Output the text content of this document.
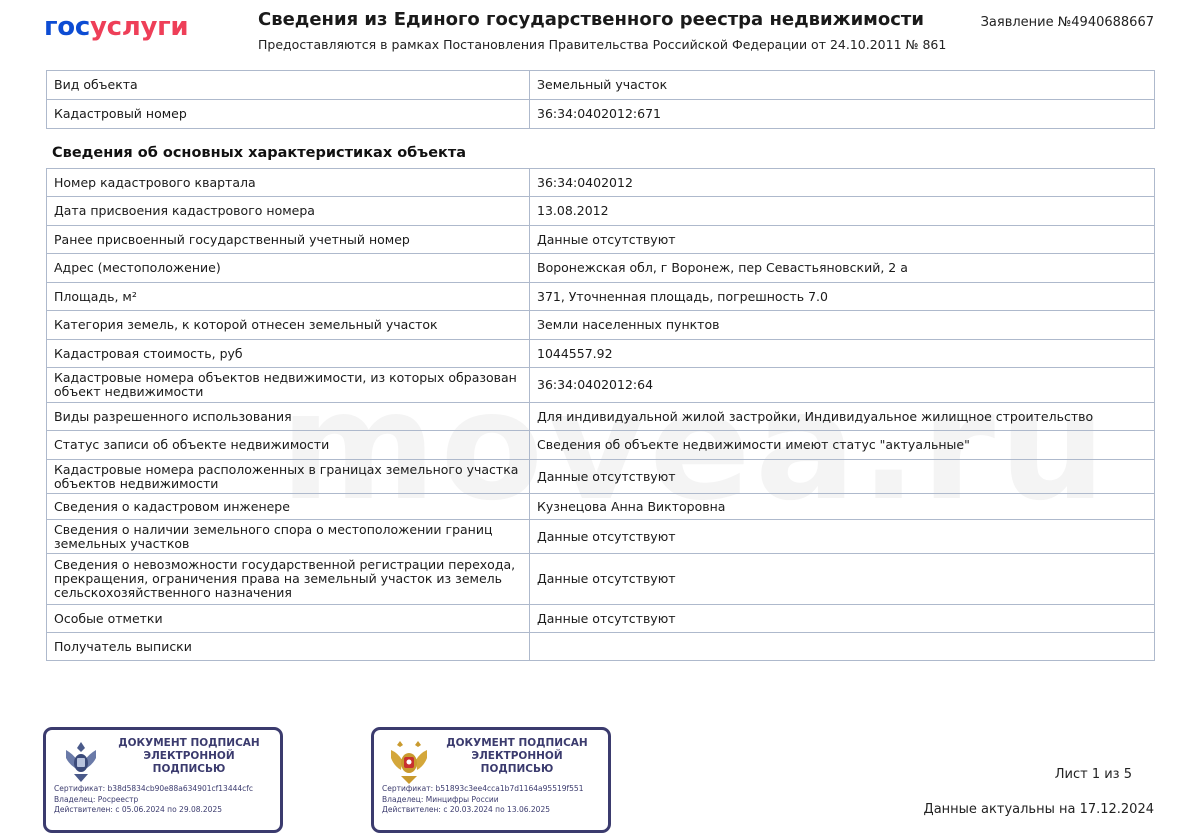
госуслуги	Сведения из Единого государственного реестра недвижимости
Предоставляются в рамках Постановления Правительства Российской Федерации от 24.10.2011 № 861
Заявление №4940688667
Вид объекта	Земельный участок
Кадастровый номер	36:34:0402012:671
Сведения об основных характеристиках объекта
Номер кадастрового квартала	36:34:0402012
Дата присвоения кадастрового номера	13.08.2012
Ранее присвоенный государственный учетный номер	Данные отсутствуют
Адрес (местоположение)	Воронежская обл, г Воронеж, пер Севастьяновский, 2 а
Площадь, м²	371, Уточненная площадь, погрешность 7.0
Категория земель, к которой отнесен земельный участок	Земли населенных пунктов
Кадастровая стоимость, руб	1044557.92
Кадастровые номера объектов недвижимости, из которых образован объект недвижимости	36:34:0402012:64
Виды разрешенного использования	Для индивидуальной жилой застройки, Индивидуальное жилищное строительство
Статус записи об объекте недвижимости	Сведения об объекте недвижимости имеют статус "актуальные"
Кадастровые номера расположенных в границах земельного участка объектов недвижимости	Данные отсутствуют
Сведения о кадастровом инженере	Кузнецова Анна Викторовна
Сведения о наличии земельного спора о местоположении границ земельных участков	Данные отсутствуют
Сведения о невозможности государственной регистрации перехода, прекращения, ограничения права на земельный участок из земель сельскохозяйственного назначения	Данные отсутствуют
Особые отметки	Данные отсутствуют
Получатель выписки	
ДОКУМЕНТ ПОДПИСАН ЭЛЕКТРОННОЙ ПОДПИСЬЮ
Сертификат: b38d5834cb90e88a634901cf13444cfc
Владелец: Росреестр
Действителен: с 05.06.2024 по 29.08.2025
ДОКУМЕНТ ПОДПИСАН ЭЛЕКТРОННОЙ ПОДПИСЬЮ
Сертификат: b51893c3ee4cca1b7d1164a95519f551
Владелец: Минцифры России
Действителен: с 20.03.2024 по 13.06.2025
Лист 1 из 5
Данные актуальны на 17.12.2024
